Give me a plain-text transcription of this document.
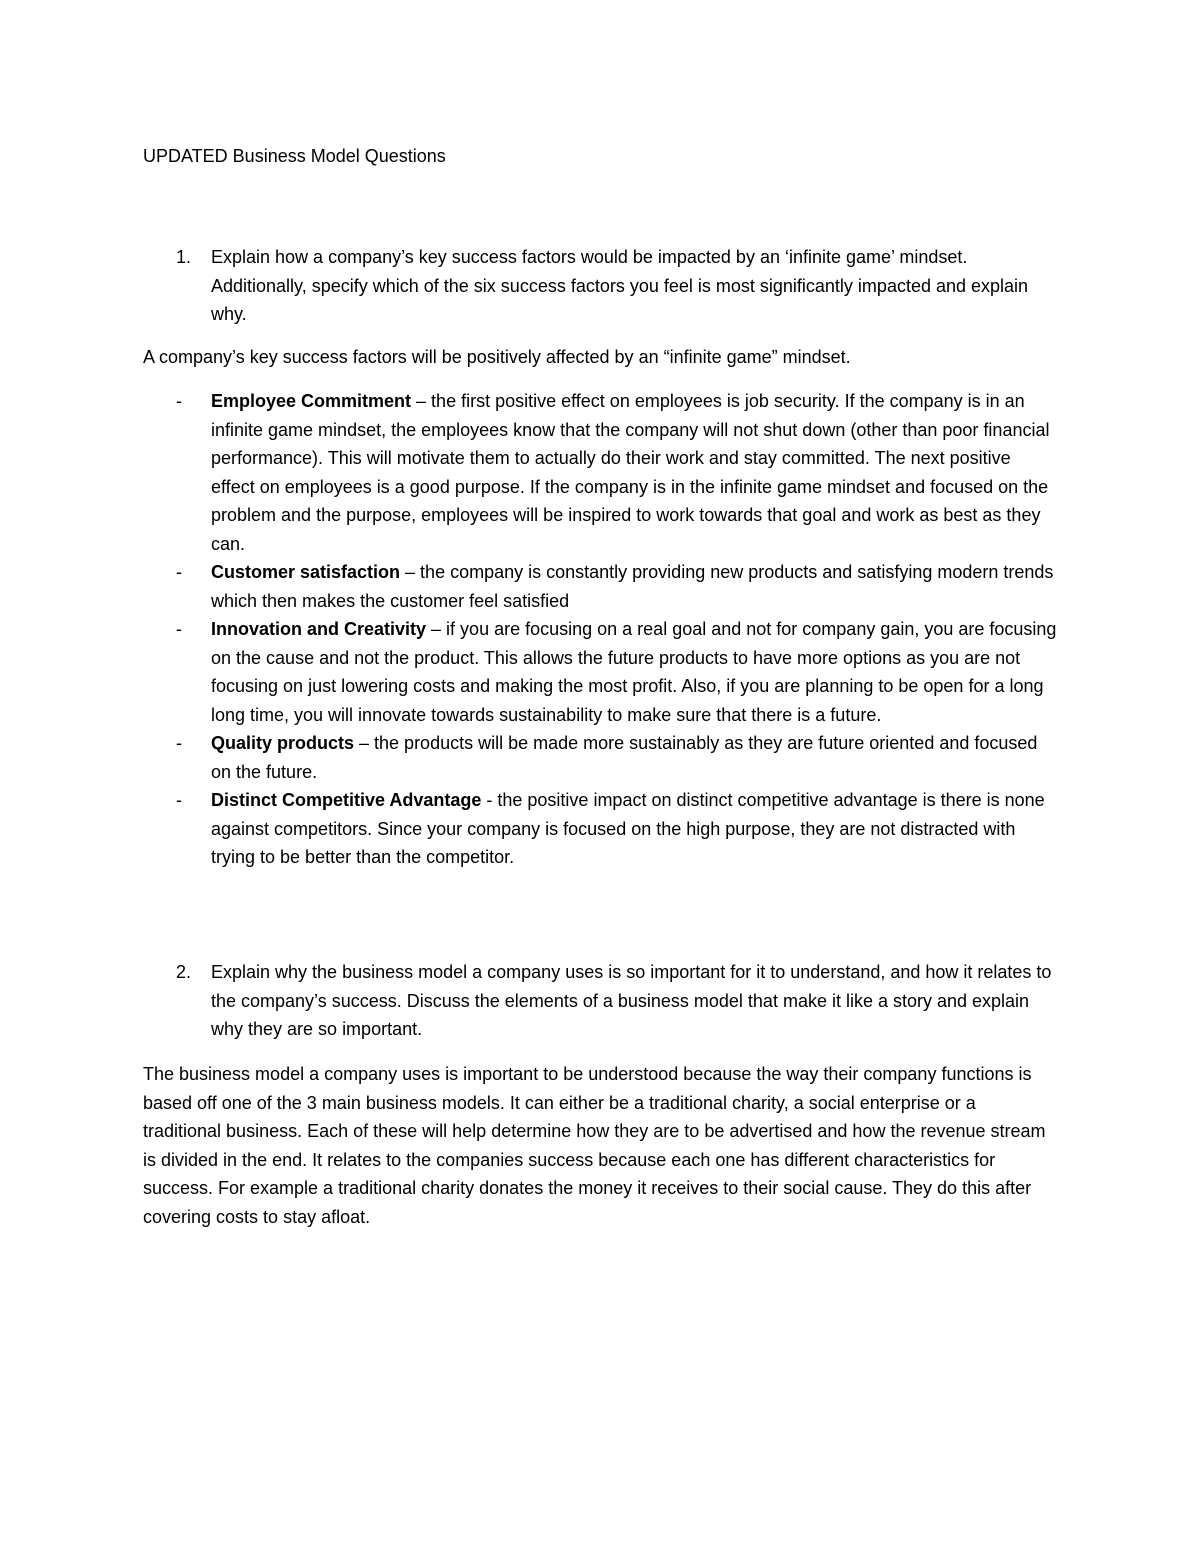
UPDATED Business Model Questions

1.	Explain how a company’s key success factors would be impacted by an ‘infinite game’ mindset. Additionally, specify which of the six success factors you feel is most significantly impacted and explain why.

A company’s key success factors will be positively affected by an “infinite game” mindset.

-	Employee Commitment – the first positive effect on employees is job security. If the company is in an infinite game mindset, the employees know that the company will not shut down (other than poor financial performance). This will motivate them to actually do their work and stay committed. The next positive effect on employees is a good purpose. If the company is in the infinite game mindset and focused on the problem and the purpose, employees will be inspired to work towards that goal and work as best as they can.
-	Customer satisfaction – the company is constantly providing new products and satisfying modern trends which then makes the customer feel satisfied
-	Innovation and Creativity – if you are focusing on a real goal and not for company gain, you are focusing on the cause and not the product. This allows the future products to have more options as you are not focusing on just lowering costs and making the most profit. Also, if you are planning to be open for a long long time, you will innovate towards sustainability to make sure that there is a future.
-	Quality products – the products will be made more sustainably as they are future oriented and focused on the future.
-	Distinct Competitive Advantage - the positive impact on distinct competitive advantage is there is none against competitors. Since your company is focused on the high purpose, they are not distracted with trying to be better than the competitor.
2.	Explain why the business model a company uses is so important for it to understand, and how it relates to the company’s success. Discuss the elements of a business model that make it like a story and explain why they are so important.

The business model a company uses is important to be understood because the way their company functions is based off one of the 3 main business models. It can either be a traditional charity, a social enterprise or a traditional business. Each of these will help determine how they are to be advertised and how the revenue stream is divided in the end. It relates to the companies success because each one has different characteristics for success. For example a traditional charity donates the money it receives to their social cause. They do this after covering costs to stay afloat.
